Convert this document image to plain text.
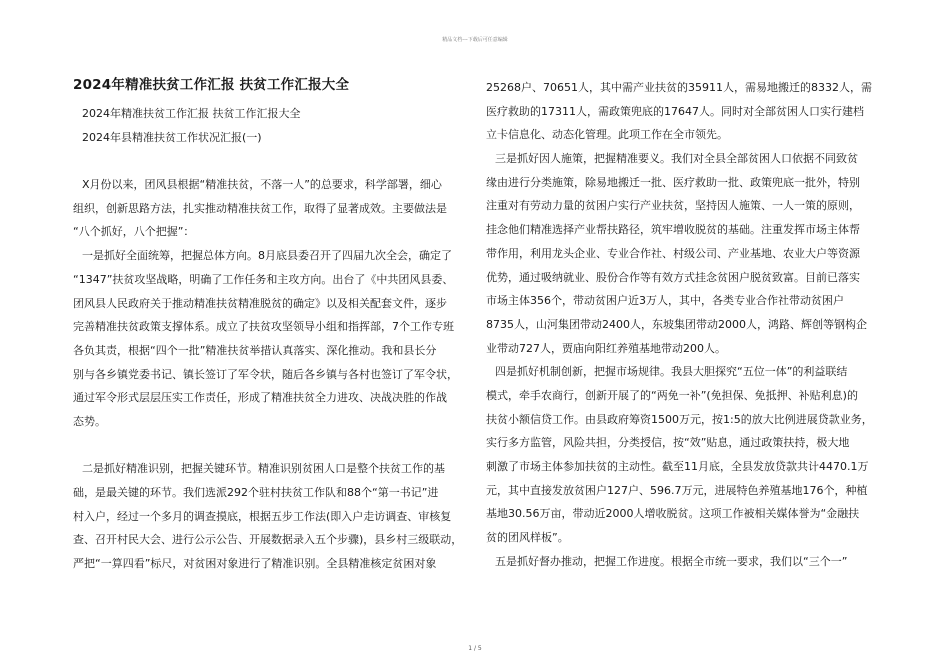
精品文档---下载后可任意编辑
2024年精准扶贫工作汇报 扶贫工作汇报大全
2024年精准扶贫工作汇报 扶贫工作汇报大全
2024年县精准扶贫工作状况汇报(一)
X月份以来，团风县根据“精准扶贫，不落一人”的总要求，科学部署，细心
组织，创新思路方法，扎实推动精准扶贫工作，取得了显著成效。主要做法是
“八个抓好，八个把握”：
一是抓好全面统筹，把握总体方向。8月底县委召开了四届九次全会，确定了
“1347”扶贫攻坚战略，明确了工作任务和主攻方向。出台了《中共团风县委、
团风县人民政府关于推动精准扶贫精准脱贫的确定》以及相关配套文件，逐步
完善精准扶贫政策支撑体系。成立了扶贫攻坚领导小组和指挥部，7个工作专班
各负其责，根据“四个一批”精准扶贫举措认真落实、深化推动。我和县长分
别与各乡镇党委书记、镇长签订了军令状，随后各乡镇与各村也签订了军令状，
通过军令形式层层压实工作责任，形成了精准扶贫全力进攻、决战决胜的作战
态势。
二是抓好精准识别，把握关键环节。精准识别贫困人口是整个扶贫工作的基
础，是最关键的环节。我们选派292个驻村扶贫工作队和88个“第一书记”进
村入户，经过一个多月的调查摸底，根据五步工作法(即入户走访调查、审核复
查、召开村民大会、进行公示公告、开展数据录入五个步骤)，县乡村三级联动，
严把“一算四看”标尺，对贫困对象进行了精准识别。全县精准核定贫困对象
25268户、70651人，其中需产业扶贫的35911人，需易地搬迁的8332人，需
医疗救助的17311人，需政策兜底的17647人。同时对全部贫困人口实行建档
立卡信息化、动态化管理。此项工作在全市领先。
三是抓好因人施策，把握精准要义。我们对全县全部贫困人口依据不同致贫
缘由进行分类施策，除易地搬迁一批、医疗救助一批、政策兜底一批外，特别
注重对有劳动力量的贫困户实行产业扶贫，坚持因人施策、一人一策的原则，
挂念他们精准选择产业帮扶路径，筑牢增收脱贫的基础。注重发挥市场主体帮
带作用，利用龙头企业、专业合作社、村级公司、产业基地、农业大户等资源
优势，通过吸纳就业、股份合作等有效方式挂念贫困户脱贫致富。目前已落实
市场主体356个，带动贫困户近3万人，其中，各类专业合作社带动贫困户
8735人，山河集团带动2400人，东坡集团带动2000人，鸿路、辉创等钢构企
业带动727人，贾庙向阳红养殖基地带动200人。
四是抓好机制创新，把握市场规律。我县大胆探究“五位一体”的利益联结
模式，牵手农商行，创新开展了的“两免一补”(免担保、免抵押、补贴利息)的
扶贫小额信贷工作。由县政府筹资1500万元，按1:5的放大比例进展贷款业务，
实行多方监管，风险共担，分类授信，按“效”贴息，通过政策扶持，极大地
刺激了市场主体参加扶贫的主动性。截至11月底，全县发放贷款共计4470.1万
元，其中直接发放贫困户127户、596.7万元，进展特色养殖基地176个，种植
基地30.56万亩，带动近2000人增收脱贫。这项工作被相关媒体誉为“金融扶
贫的团风样板”。
五是抓好督办推动，把握工作进度。根据全市统一要求，我们以“三个一”
1 / 5
